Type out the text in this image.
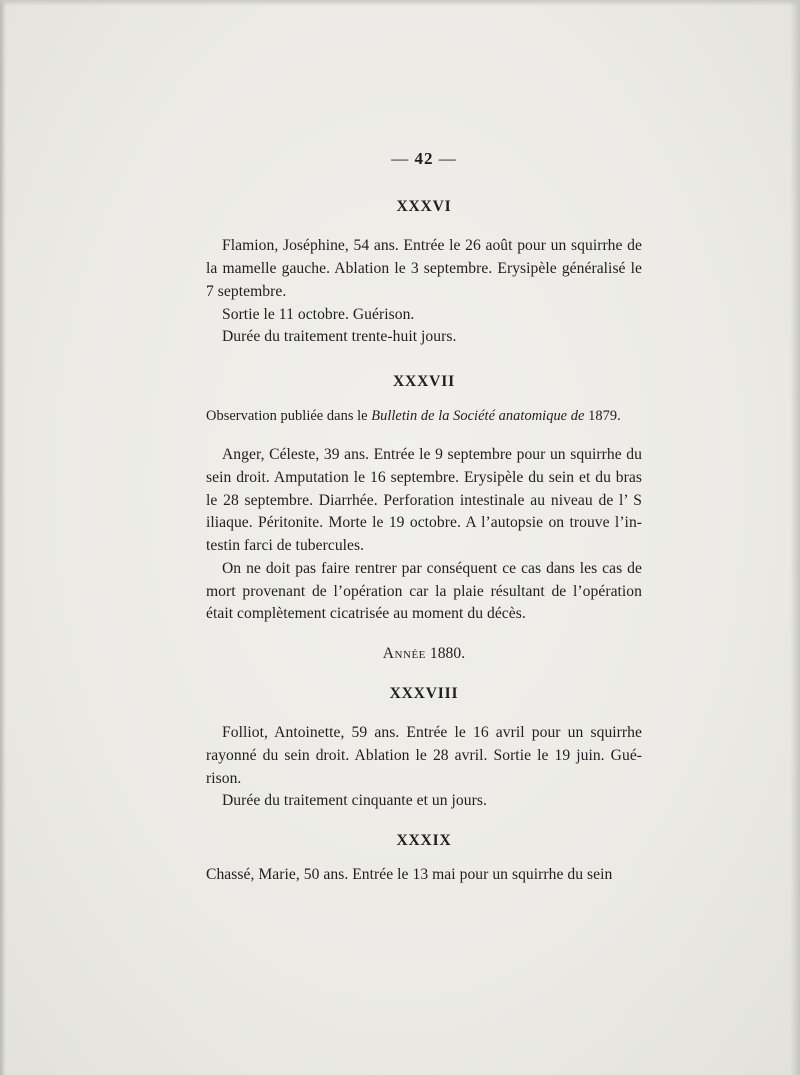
— 42 —

XXXVI

Flamion, Joséphine, 54 ans. Entrée le 26 août pour un squirrhe de la mamelle gauche. Ablation le 3 septembre. Erysipèle généralisé le 7 septembre.

Sortie le 11 octobre. Guérison.

Durée du traitement trente-huit jours.

XXXVII

Observation publiée dans le Bulletin de la Société anatomique de 1879.

Anger, Céleste, 39 ans. Entrée le 9 septembre pour un squirrhe du sein droit. Amputation le 16 septembre. Erysipèle du sein et du bras le 28 septembre. Diarrhée. Perforation intestinale au niveau de l’ S iliaque. Péritonite. Morte le 19 octobre. A l’autopsie on trouve l’intestin farci de tubercules.

On ne doit pas faire rentrer par conséquent ce cas dans les cas de mort provenant de l’opération car la plaie résultant de l’opération était complètement cicatrisée au moment du décès.

Année 1880.

XXXVIII

Folliot, Antoinette, 59 ans. Entrée le 16 avril pour un squirrhe rayonné du sein droit. Ablation le 28 avril. Sortie le 19 juin. Guérison.

Durée du traitement cinquante et un jours.

XXXIX

Chassé, Marie, 50 ans. Entrée le 13 mai pour un squirrhe du sein
